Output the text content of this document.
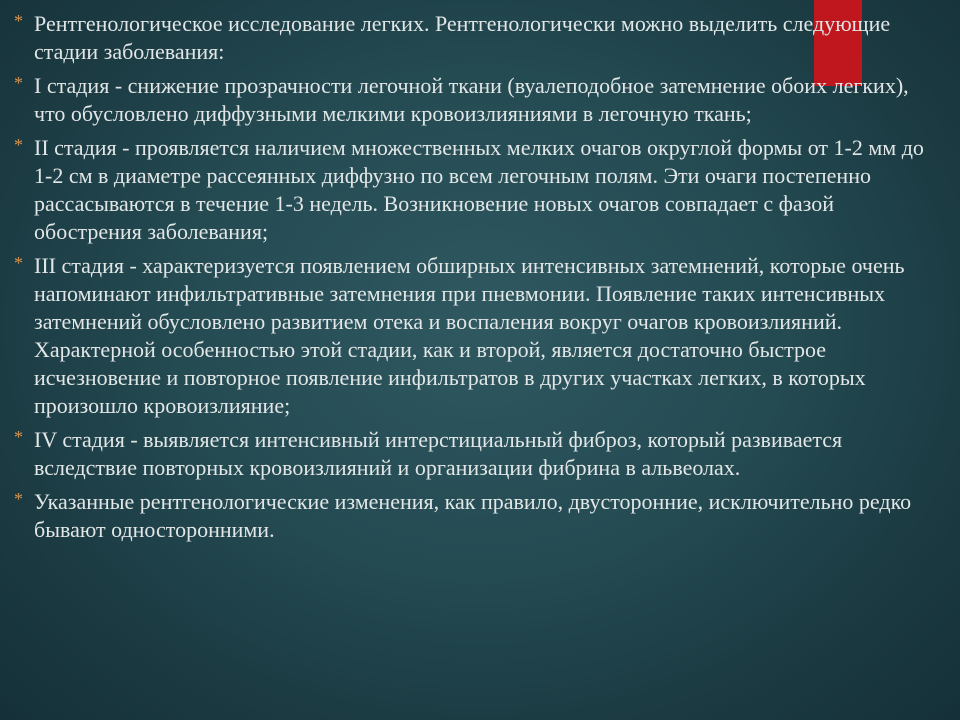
* Рентгенологическое исследование легких. Рентгенологически можно выделить следующие стадии заболевания:
* I стадия - снижение прозрачности легочной ткани (вуалеподобное затемнение обоих легких), что обусловлено диффузными мелкими кровоизлияниями в легочную ткань;
* II стадия - проявляется наличием множественных мелких очагов округлой формы от 1-2 мм до 1-2 см в диаметре рассеянных диффузно по всем легочным полям. Эти очаги постепенно рассасываются в течение 1-3 недель. Возникновение новых очагов совпадает с фазой обострения заболевания;
* III стадия - характеризуется появлением обширных интенсивных затемнений, которые очень напоминают инфильтративные затемнения при пневмонии. Появление таких интенсивных затемнений обусловлено развитием отека и воспаления вокруг очагов кровоизлияний. Характерной особенностью этой стадии, как и второй, является достаточно быстрое исчезновение и повторное появление инфильтратов в других участках легких, в которых произошло кровоизлияние;
* IV стадия - выявляется интенсивный интерстициальный фиброз, который развивается вследствие повторных кровоизлияний и организации фибрина в альвеолах.
* Указанные рентгенологические изменения, как правило, двусторонние, исключительно редко бывают односторонними.
